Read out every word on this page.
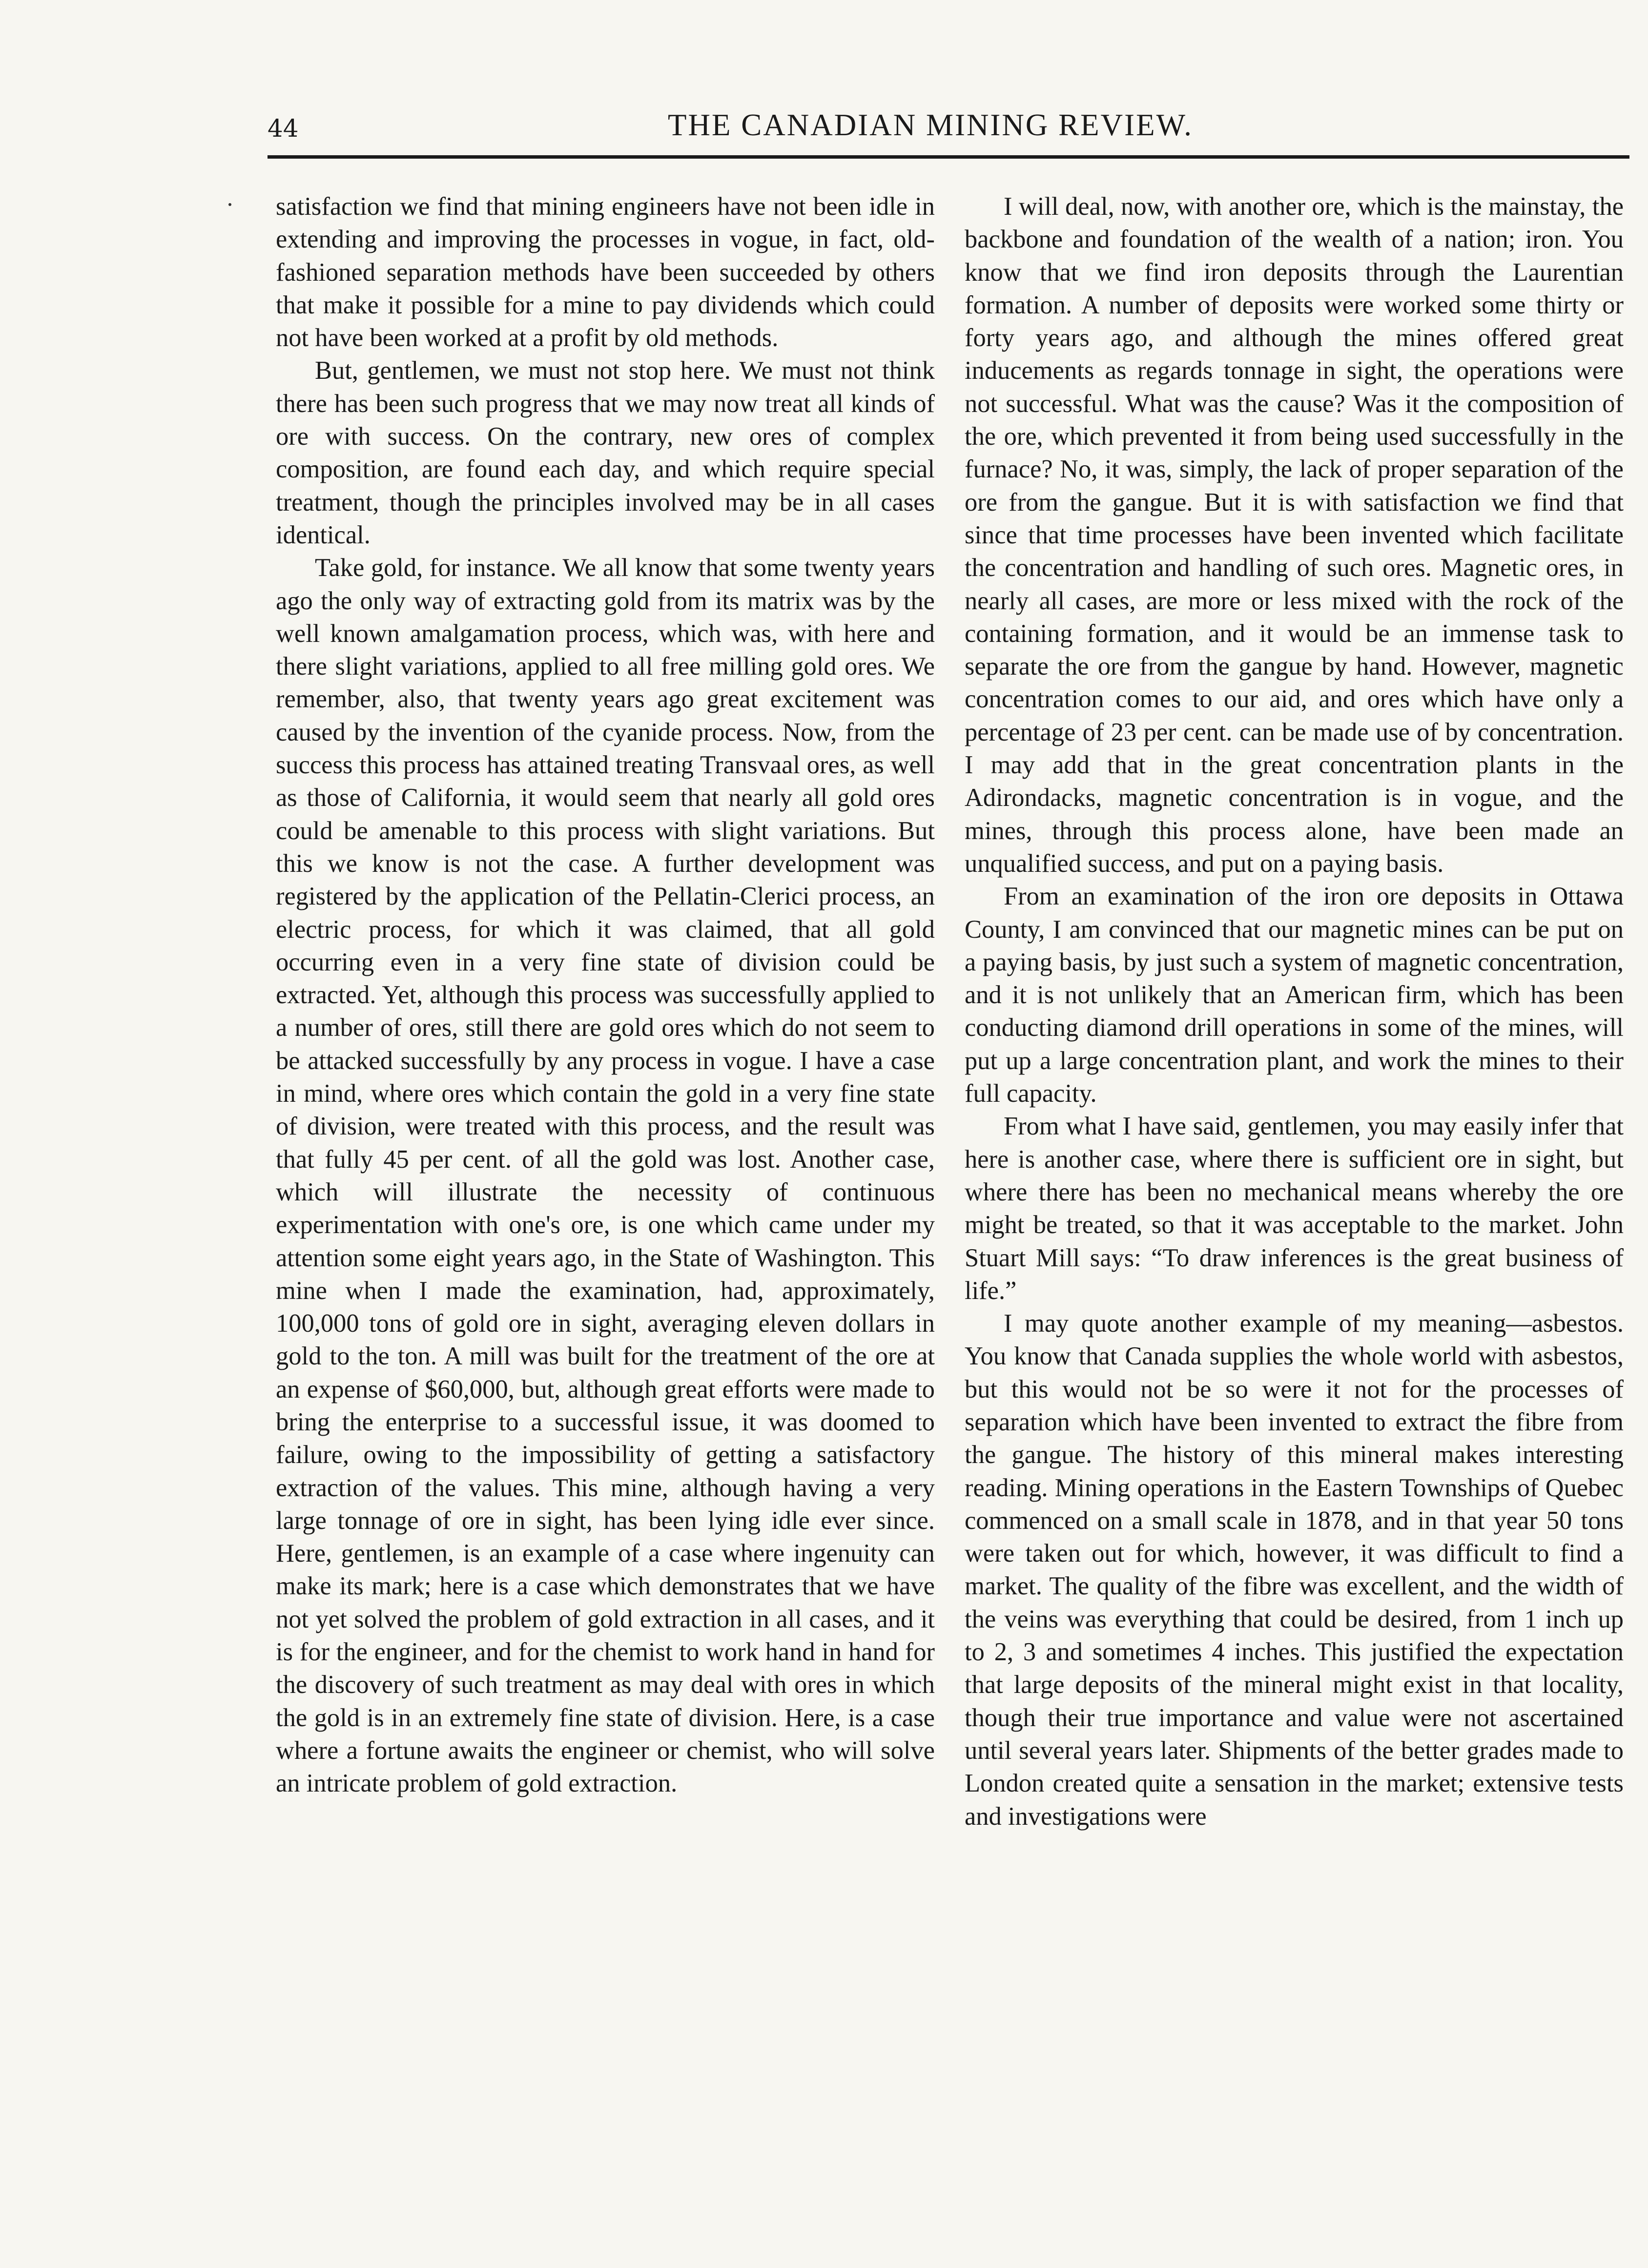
44	THE CANADIAN MINING REVIEW.

satisfaction we find that mining engineers have not been idle in extending and improving the processes in vogue, in fact, old-fashioned separation methods have been succeeded by others that make it possible for a mine to pay dividends which could not have been worked at a profit by old methods.

But, gentlemen, we must not stop here. We must not think there has been such progress that we may now treat all kinds of ore with success. On the contrary, new ores of complex composition, are found each day, and which require special treatment, though the principles involved may be in all cases identical.

Take gold, for instance. We all know that some twenty years ago the only way of extracting gold from its matrix was by the well known amalgamation process, which was, with here and there slight variations, applied to all free milling gold ores. We remember, also, that twenty years ago great excitement was caused by the invention of the cyanide process. Now, from the success this process has attained treating Transvaal ores, as well as those of California, it would seem that nearly all gold ores could be amenable to this process with slight variations. But this we know is not the case. A further development was registered by the application of the Pellatin-Clerici process, an electric process, for which it was claimed, that all gold occurring even in a very fine state of division could be extracted. Yet, although this process was successfully applied to a number of ores, still there are gold ores which do not seem to be attacked successfully by any process in vogue. I have a case in mind, where ores which contain the gold in a very fine state of division, were treated with this process, and the result was that fully 45 per cent. of all the gold was lost. Another case, which will illustrate the necessity of continuous experimentation with one's ore, is one which came under my attention some eight years ago, in the State of Washington. This mine when I made the examination, had, approximately, 100,000 tons of gold ore in sight, averaging eleven dollars in gold to the ton. A mill was built for the treatment of the ore at an expense of $60,000, but, although great efforts were made to bring the enterprise to a successful issue, it was doomed to failure, owing to the impossibility of getting a satisfactory extraction of the values. This mine, although having a very large tonnage of ore in sight, has been lying idle ever since. Here, gentlemen, is an example of a case where ingenuity can make its mark; here is a case which demonstrates that we have not yet solved the problem of gold extraction in all cases, and it is for the engineer, and for the chemist to work hand in hand for the discovery of such treatment as may deal with ores in which the gold is in an extremely fine state of division. Here, is a case where a fortune awaits the engineer or chemist, who will solve an intricate problem of gold extraction.

I will deal, now, with another ore, which is the mainstay, the backbone and foundation of the wealth of a nation; iron. You know that we find iron deposits through the Laurentian formation. A number of deposits were worked some thirty or forty years ago, and although the mines offered great inducements as regards tonnage in sight, the operations were not successful. What was the cause? Was it the composition of the ore, which prevented it from being used successfully in the furnace? No, it was, simply, the lack of proper separation of the ore from the gangue. But it is with satisfaction we find that since that time processes have been invented which facilitate the concentration and handling of such ores. Magnetic ores, in nearly all cases, are more or less mixed with the rock of the containing formation, and it would be an immense task to separate the ore from the gangue by hand. However, magnetic concentration comes to our aid, and ores which have only a percentage of 23 per cent. can be made use of by concentration. I may add that in the great concentration plants in the Adirondacks, magnetic concentration is in vogue, and the mines, through this process alone, have been made an unqualified success, and put on a paying basis.

From an examination of the iron ore deposits in Ottawa County, I am convinced that our magnetic mines can be put on a paying basis, by just such a system of magnetic concentration, and it is not unlikely that an American firm, which has been conducting diamond drill operations in some of the mines, will put up a large concentration plant, and work the mines to their full capacity.

From what I have said, gentlemen, you may easily infer that here is another case, where there is sufficient ore in sight, but where there has been no mechanical means whereby the ore might be treated, so that it was acceptable to the market. John Stuart Mill says: “To draw inferences is the great business of life.”

I may quote another example of my meaning—asbestos. You know that Canada supplies the whole world with asbestos, but this would not be so were it not for the processes of separation which have been invented to extract the fibre from the gangue. The history of this mineral makes interesting reading. Mining operations in the Eastern Townships of Quebec commenced on a small scale in 1878, and in that year 50 tons were taken out for which, however, it was difficult to find a market. The quality of the fibre was excellent, and the width of the veins was everything that could be desired, from 1 inch up to 2, 3 and sometimes 4 inches. This justified the expectation that large deposits of the mineral might exist in that locality, though their true importance and value were not ascertained until several years later. Shipments of the better grades made to London created quite a sensation in the market; extensive tests and investigations were
